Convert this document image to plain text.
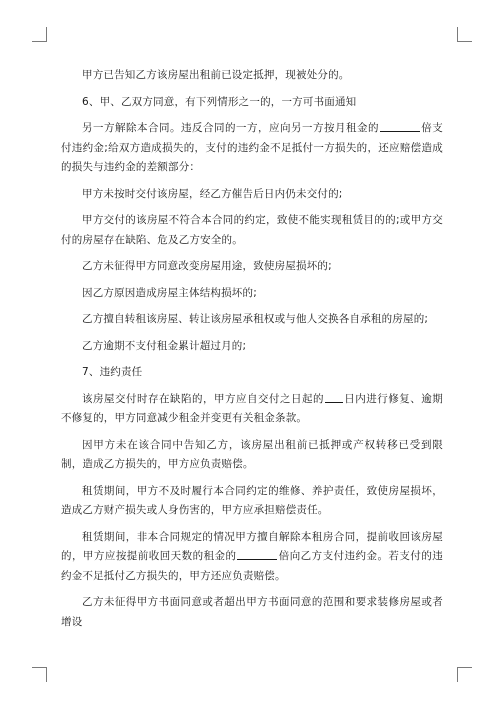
甲方已告知乙方该房屋出租前已设定抵押，现被处分的。

6、甲、乙双方同意，有下列情形之一的，一方可书面通知

另一方解除本合同。违反合同的一方，应向另一方按月租金的	倍支付违约金;给双方造成损失的，支付的违约金不足抵付一方损失的，还应赔偿造成的损失与违约金的差额部分：

甲方未按时交付该房屋，经乙方催告后日内仍未交付的;

甲方交付的该房屋不符合本合同的约定，致使不能实现租赁目的的;或甲方交付的房屋存在缺陷、危及乙方安全的。

乙方未征得甲方同意改变房屋用途，致使房屋损坏的;

因乙方原因造成房屋主体结构损坏的;

乙方擅自转租该房屋、转让该房屋承租权或与他人交换各自承租的房屋的;

乙方逾期不支付租金累计超过月的;

7、违约责任

该房屋交付时存在缺陷的，甲方应自交付之日起的 日内进行修复、逾期不修复的，甲方同意减少租金并变更有关租金条款。

因甲方未在该合同中告知乙方，该房屋出租前已抵押或产权转移已受到限制，造成乙方损失的，甲方应负责赔偿。

租赁期间，甲方不及时履行本合同约定的维修、养护责任，致使房屋损坏，造成乙方财产损失或人身伤害的，甲方应承担赔偿责任。

租赁期间，非本合同规定的情况甲方擅自解除本租房合同，提前收回该房屋的，甲方应按提前收回天数的租金的	倍向乙方支付违约金。若支付的违约金不足抵付乙方损失的，甲方还应负责赔偿。

乙方未征得甲方书面同意或者超出甲方书面同意的范围和要求装修房屋或者增设
